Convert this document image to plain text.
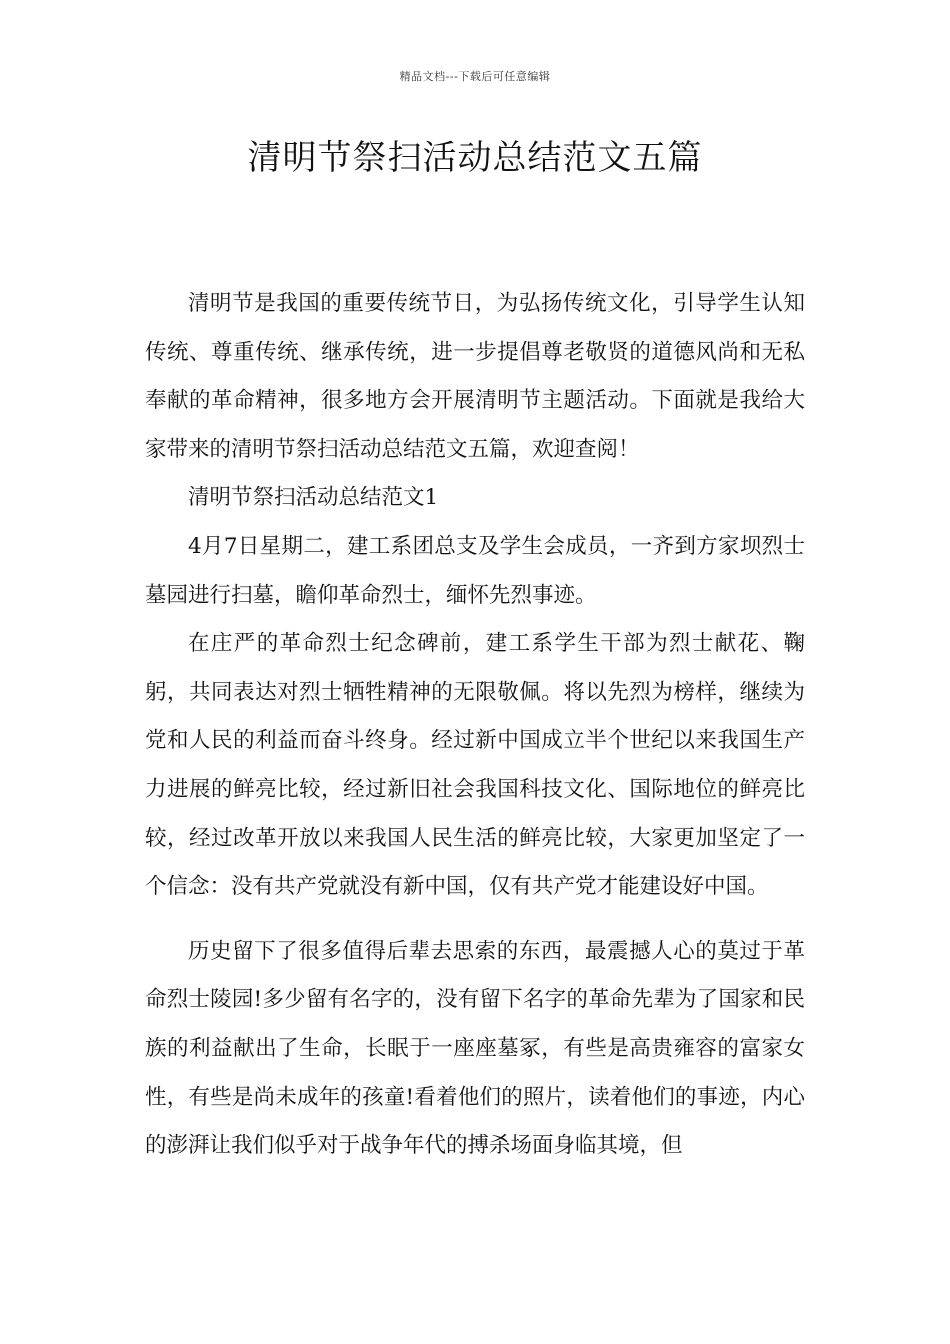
精品文档---下载后可任意编辑
清明节祭扫活动总结范文五篇

清明节是我国的重要传统节日，为弘扬传统文化，引导学生认知传统、尊重传统、继承传统，进一步提倡尊老敬贤的道德风尚和无私奉献的革命精神，很多地方会开展清明节主题活动。下面就是我给大家带来的清明节祭扫活动总结范文五篇，欢迎查阅！

清明节祭扫活动总结范文1

4月7日星期二，建工系团总支及学生会成员，一齐到方家坝烈士墓园进行扫墓，瞻仰革命烈士，缅怀先烈事迹。

在庄严的革命烈士纪念碑前，建工系学生干部为烈士献花、鞠躬，共同表达对烈士牺牲精神的无限敬佩。将以先烈为榜样，继续为党和人民的利益而奋斗终身。经过新中国成立半个世纪以来我国生产力进展的鲜亮比较，经过新旧社会我国科技文化、国际地位的鲜亮比较，经过改革开放以来我国人民生活的鲜亮比较，大家更加坚定了一个信念：没有共产党就没有新中国，仅有共产党才能建设好中国。

历史留下了很多值得后辈去思索的东西，最震撼人心的莫过于革命烈士陵园!多少留有名字的，没有留下名字的革命先辈为了国家和民族的利益献出了生命，长眠于一座座墓冢，有些是高贵雍容的富家女性，有些是尚未成年的孩童!看着他们的照片，读着他们的事迹，内心的澎湃让我们似乎对于战争年代的搏杀场面身临其境，但
